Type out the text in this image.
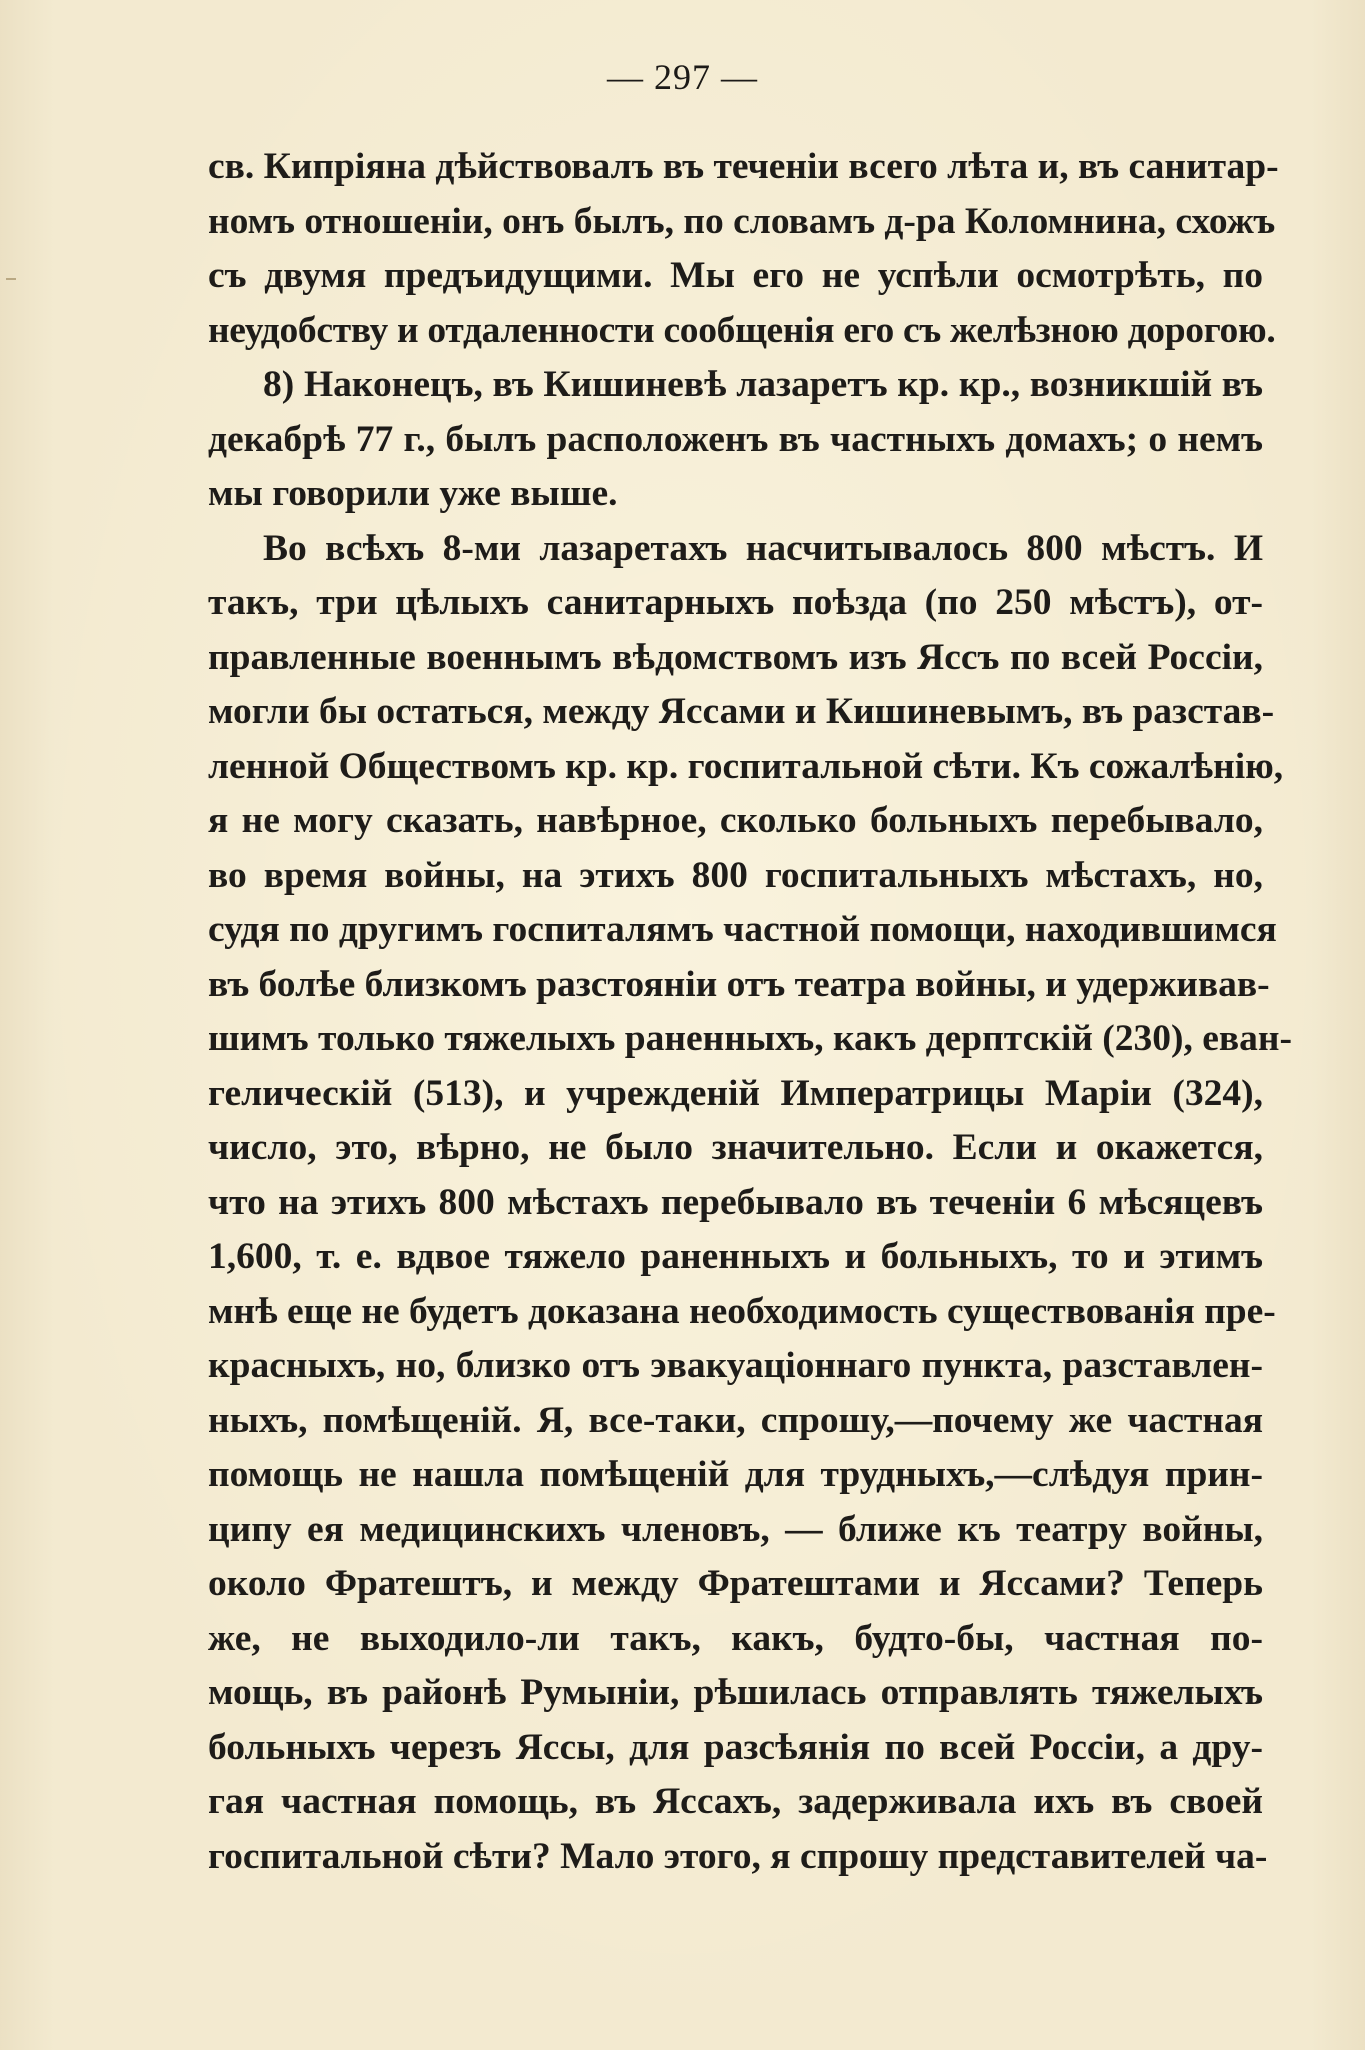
— 297 —
св. Кипріяна дѣйствовалъ въ теченіи всего лѣта и, въ санитар-
номъ отношеніи, онъ былъ, по словамъ д-ра Коломнина, схожъ
съ двумя предъидущими. Мы его не успѣли осмотрѣть, по
неудобству и отдаленности сообщенія его съ желѣзною дорогою.
8) Наконецъ, въ Кишиневѣ лазаретъ кр. кр., возникшій въ
декабрѣ 77 г., былъ расположенъ въ частныхъ домахъ; о немъ
мы говорили уже выше.
Во всѣхъ 8-ми лазаретахъ насчитывалось 800 мѣстъ. И
такъ, три цѣлыхъ санитарныхъ поѣзда (по 250 мѣстъ), от-
правленные военнымъ вѣдомствомъ изъ Яссъ по всей Россіи,
могли бы остаться, между Яссами и Кишиневымъ, въ разстав-
ленной Обществомъ кр. кр. госпитальной сѣти. Къ сожалѣнію,
я не могу сказать, навѣрное, сколько больныхъ перебывало,
во время войны, на этихъ 800 госпитальныхъ мѣстахъ, но,
судя по другимъ госпиталямъ частной помощи, находившимся
въ болѣе близкомъ разстояніи отъ театра войны, и удерживав-
шимъ только тяжелыхъ раненныхъ, какъ дерптскій (230), еван-
гелическій (513), и учрежденій Императрицы Маріи (324),
число, это, вѣрно, не было значительно. Если и окажется,
что на этихъ 800 мѣстахъ перебывало въ теченіи 6 мѣсяцевъ
1,600, т. е. вдвое тяжело раненныхъ и больныхъ, то и этимъ
мнѣ еще не будетъ доказана необходимость существованія пре-
красныхъ, но, близко отъ эвакуаціоннаго пункта, разставлен-
ныхъ, помѣщеній. Я, все-таки, спрошу,—почему же частная
помощь не нашла помѣщеній для трудныхъ,—слѣдуя прин-
ципу ея медицинскихъ членовъ, — ближе къ театру войны,
около Фратештъ, и между Фратештами и Яссами? Теперь
же, не выходило-ли такъ, какъ, будто-бы, частная по-
мощь, въ районѣ Румыніи, рѣшилась отправлять тяжелыхъ
больныхъ черезъ Яссы, для разсѣянія по всей Россіи, а дру-
гая частная помощь, въ Яссахъ, задерживала ихъ въ своей
госпитальной сѣти? Мало этого, я спрошу представителей ча-
